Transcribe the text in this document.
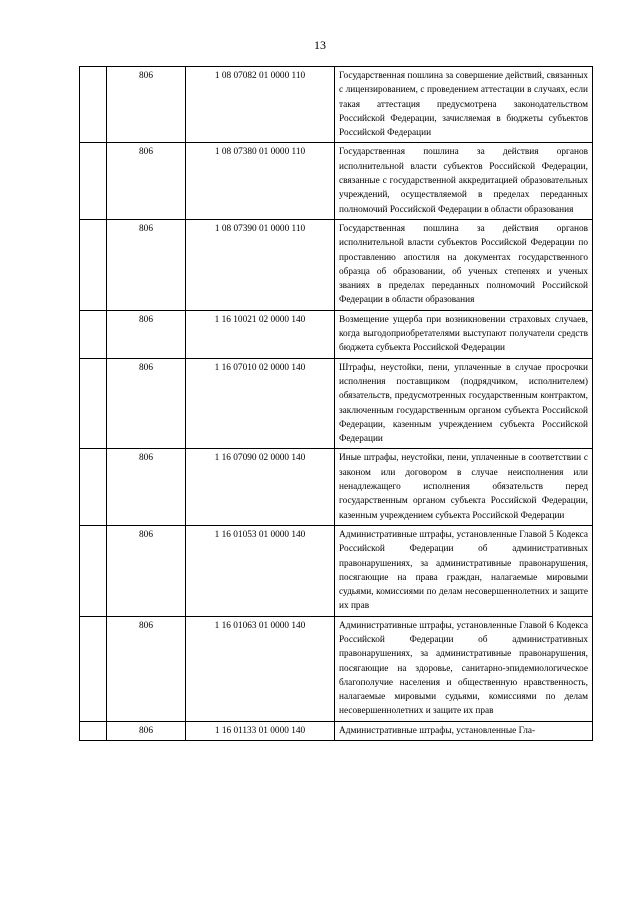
13
	806	1 08 07082 01 0000 110	Государственная пошлина за совершение действий, связанных с лицензированием, с проведением аттестации в случаях, если такая аттестация предусмотрена законодательством Российской Федерации, зачисляемая в бюджеты субъектов Российской Федерации
	806	1 08 07380 01 0000 110	Государственная пошлина за действия органов исполнительной власти субъектов Российской Федерации, связанные с государственной аккредитацией образовательных учреждений, осуществляемой в пределах переданных полномочий Российской Федерации в области образования
	806	1 08 07390 01 0000 110	Государственная пошлина за действия органов исполнительной власти субъектов Российской Федерации по проставлению апостиля на документах государственного образца об образовании, об ученых степенях и ученых званиях в пределах переданных полномочий Российской Федерации в области образования
	806	1 16 10021 02 0000 140	Возмещение ущерба при возникновении страховых случаев, когда выгодоприобретателями выступают получатели средств бюджета субъекта Российской Федерации
	806	1 16 07010 02 0000 140	Штрафы, неустойки, пени, уплаченные в случае просрочки исполнения поставщиком (подрядчиком, исполнителем) обязательств, предусмотренных государственным контрактом, заключенным государственным органом субъекта Российской Федерации, казенным учреждением субъекта Российской Федерации
	806	1 16 07090 02 0000 140	Иные штрафы, неустойки, пени, уплаченные в соответствии с законом или договором в случае неисполнения или ненадлежащего исполнения обязательств перед государственным органом субъекта Российской Федерации, казенным учреждением субъекта Российской Федерации
	806	1 16 01053 01 0000 140	Административные штрафы, установленные Главой 5 Кодекса Российской Федерации об административных правонарушениях, за административные правонарушения, посягающие на права граждан, налагаемые мировыми судьями, комиссиями по делам несовершеннолетних и защите их прав
	806	1 16 01063 01 0000 140	Административные штрафы, установленные Главой 6 Кодекса Российской Федерации об административных правонарушениях, за административные правонарушения, посягающие на здоровье, санитарно-эпидемиологическое благополучие населения и общественную нравственность, налагаемые мировыми судьями, комиссиями по делам несовершеннолетних и защите их прав
	806	1 16 01133 01 0000 140	Административные штрафы, установленные Гла-
